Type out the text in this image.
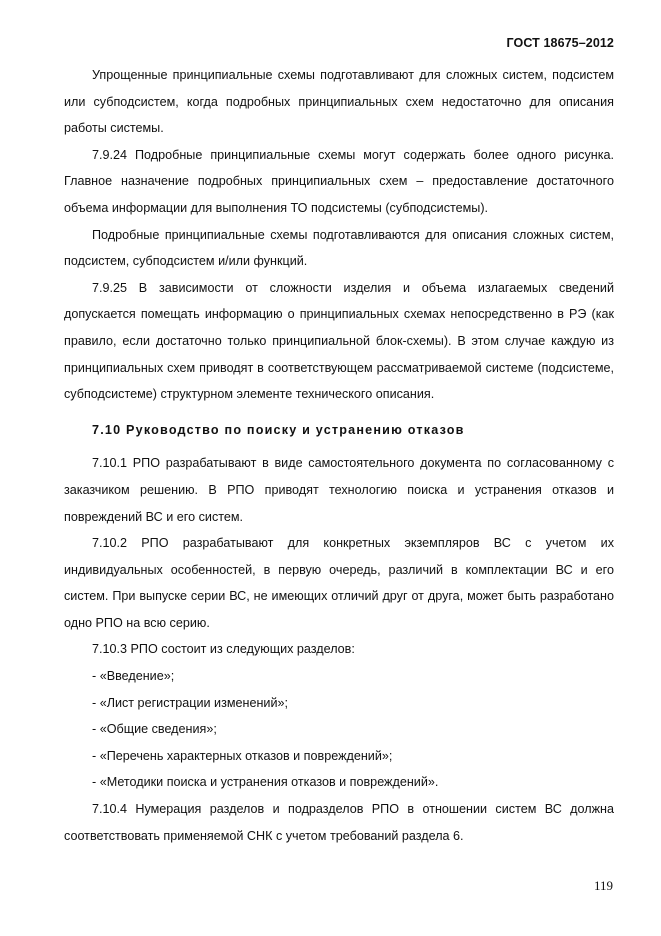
ГОСТ 18675–2012

Упрощенные принципиальные схемы подготавливают для сложных систем, подсистем или субподсистем, когда подробных принципиальных схем недостаточно для описания работы системы.

7.9.24 Подробные принципиальные схемы могут содержать более одного рисунка. Главное назначение подробных принципиальных схем – предоставление достаточного объема информации для выполнения ТО подсистемы (субподсистемы).

Подробные принципиальные схемы подготавливаются для описания сложных систем, подсистем, субподсистем и/или функций.

7.9.25 В зависимости от сложности изделия и объема излагаемых сведений допускается помещать информацию о принципиальных схемах непосредственно в РЭ (как правило, если достаточно только принципиальной блок-схемы). В этом случае каждую из принципиальных схем приводят в соответствующем рассматриваемой системе (подсистеме, субподсистеме) структурном элементе технического описания.

7.10 Руководство по поиску и устранению отказов

7.10.1 РПО разрабатывают в виде самостоятельного документа по согласованному с заказчиком решению. В РПО приводят технологию поиска и устранения отказов и повреждений ВС и его систем.

7.10.2 РПО разрабатывают для конкретных экземпляров ВС с учетом их индивидуальных особенностей, в первую очередь, различий в комплектации ВС и его систем. При выпуске серии ВС, не имеющих отличий друг от друга, может быть разработано одно РПО на всю серию.

7.10.3 РПО состоит из следующих разделов:

- «Введение»;

- «Лист регистрации изменений»;

- «Общие сведения»;

- «Перечень характерных отказов и повреждений»;

- «Методики поиска и устранения отказов и повреждений».

7.10.4 Нумерация разделов и подразделов РПО в отношении систем ВС должна соответствовать применяемой СНК с учетом требований раздела 6.

119
